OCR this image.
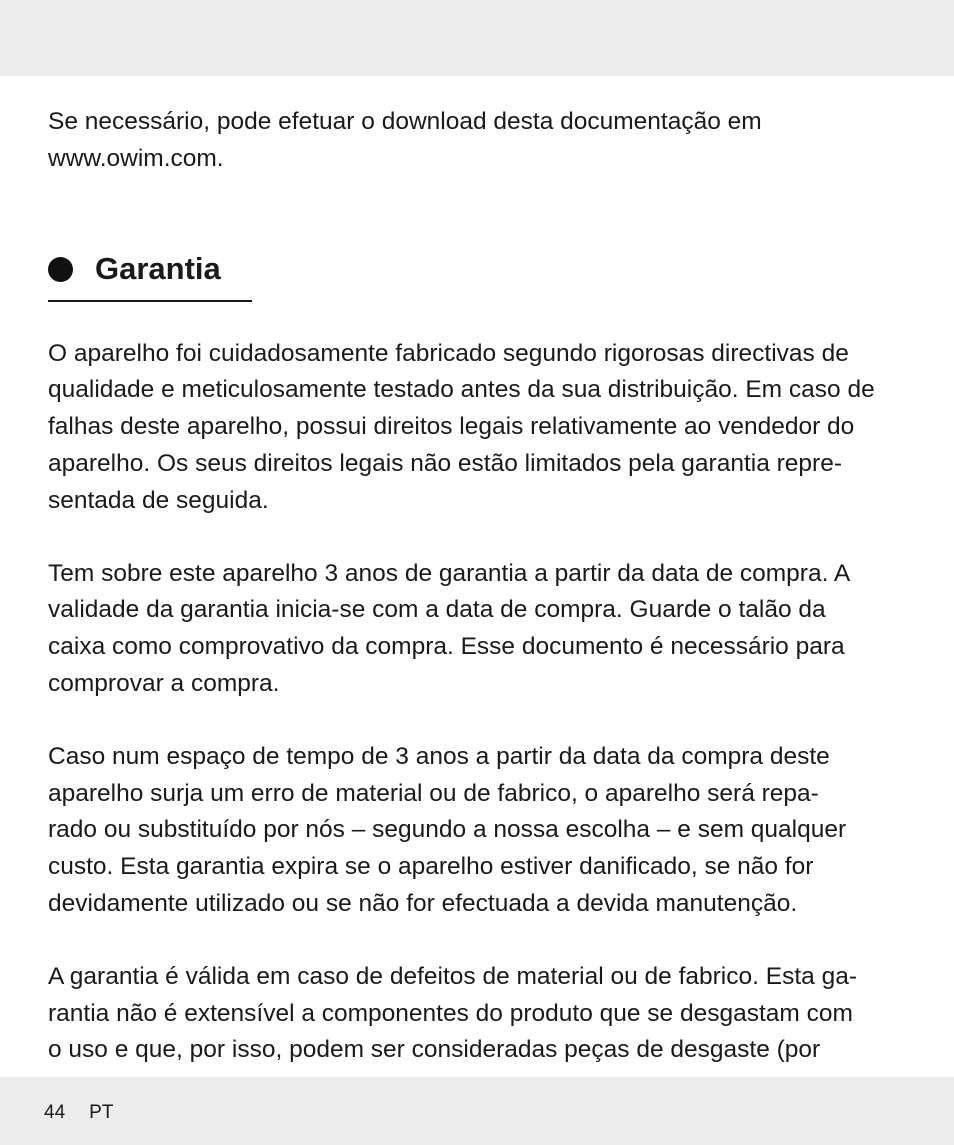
Se necessário, pode efetuar o download desta documentação em
www.owim.com.

Garantia

O aparelho foi cuidadosamente fabricado segundo rigorosas directivas de
qualidade e meticulosamente testado antes da sua distribuição. Em caso de
falhas deste aparelho, possui direitos legais relativamente ao vendedor do
aparelho. Os seus direitos legais não estão limitados pela garantia repre-
sentada de seguida.

Tem sobre este aparelho 3 anos de garantia a partir da data de compra. A
validade da garantia inicia-se com a data de compra. Guarde o talão da
caixa como comprovativo da compra. Esse documento é necessário para
comprovar a compra.

Caso num espaço de tempo de 3 anos a partir da data da compra deste
aparelho surja um erro de material ou de fabrico, o aparelho será repa-
rado ou substituído por nós – segundo a nossa escolha – e sem qualquer
custo. Esta garantia expira se o aparelho estiver danificado, se não for
devidamente utilizado ou se não for efectuada a devida manutenção.

A garantia é válida em caso de defeitos de material ou de fabrico. Esta ga-
rantia não é extensível a componentes do produto que se desgastam com
o uso e que, por isso, podem ser consideradas peças de desgaste (por

44 PT
